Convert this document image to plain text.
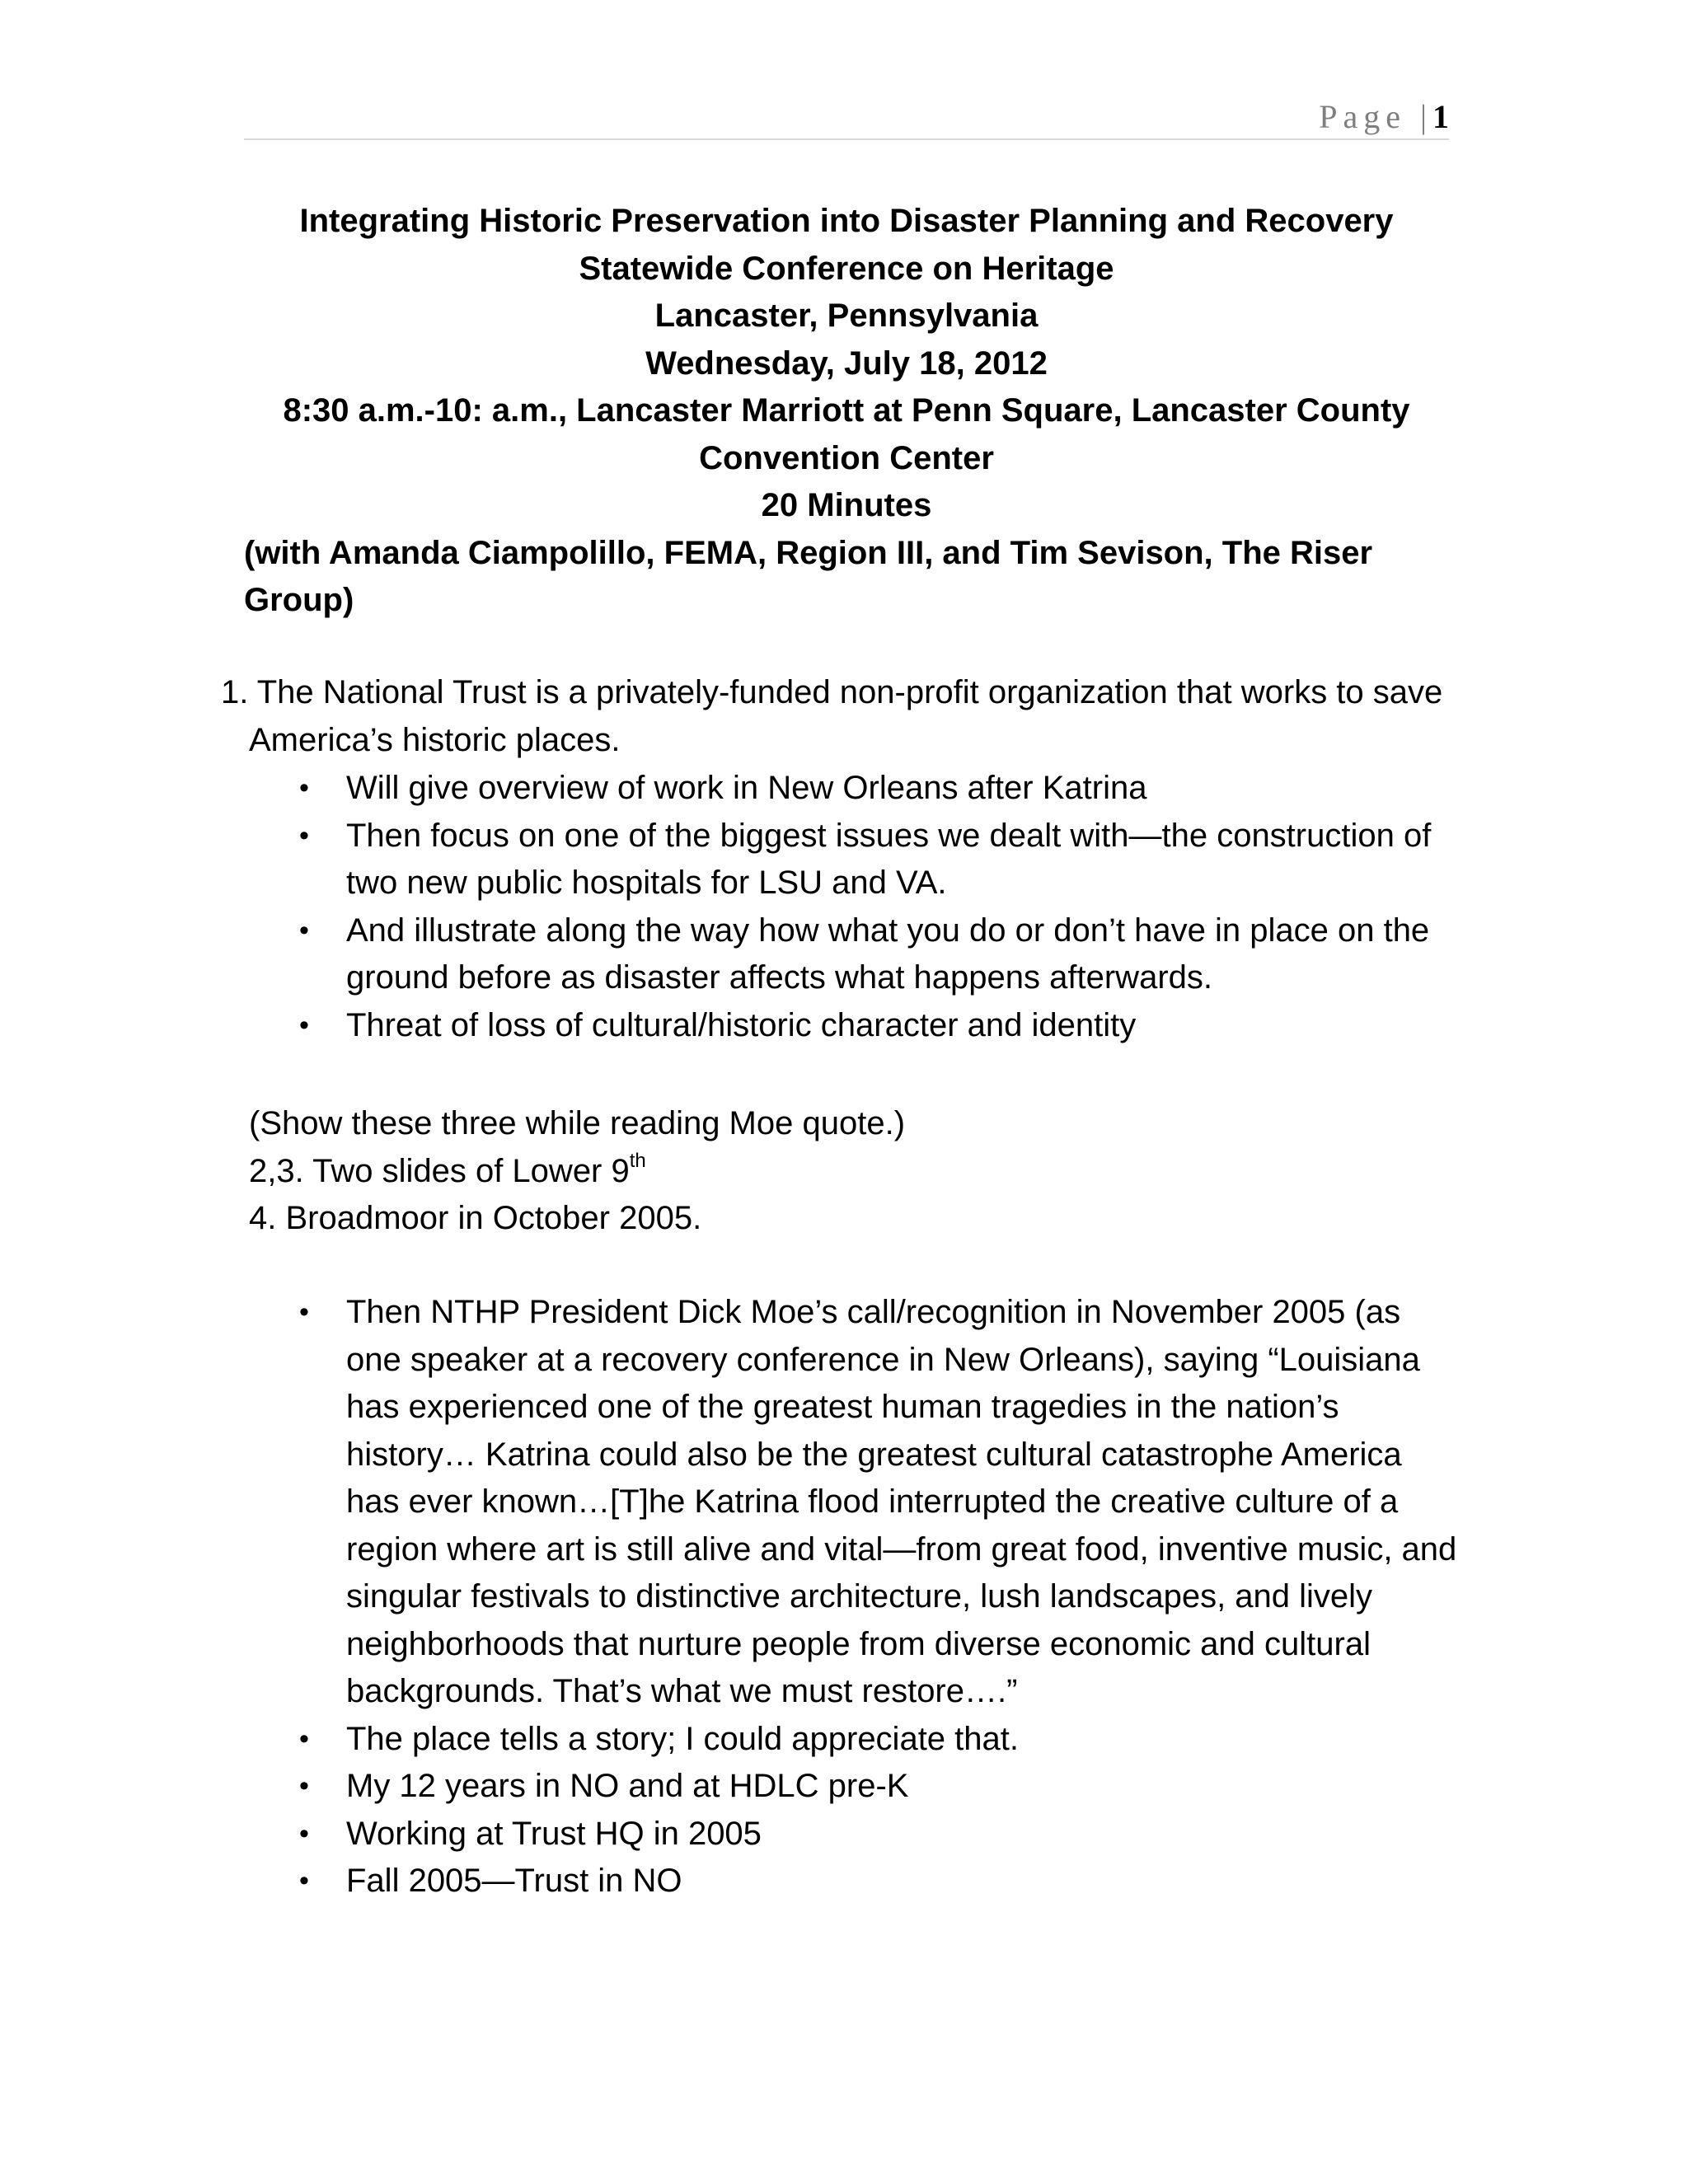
Page |1
Integrating Historic Preservation into Disaster Planning and Recovery
Statewide Conference on Heritage
Lancaster, Pennsylvania
Wednesday, July 18, 2012
8:30 a.m.-10: a.m., Lancaster Marriott at Penn Square, Lancaster County
Convention Center
20 Minutes
(with Amanda Ciampolillo, FEMA, Region III, and Tim Sevison, The Riser
Group)
1. The National Trust is a privately-funded non-profit organization that works to save America’s historic places.
• Will give overview of work in New Orleans after Katrina
• Then focus on one of the biggest issues we dealt with—the construction of two new public hospitals for LSU and VA.
• And illustrate along the way how what you do or don’t have in place on the ground before as disaster affects what happens afterwards.
• Threat of loss of cultural/historic character and identity
(Show these three while reading Moe quote.)
2,3. Two slides of Lower 9th
4. Broadmoor in October 2005.
• Then NTHP President Dick Moe’s call/recognition in November 2005 (as one speaker at a recovery conference in New Orleans), saying “Louisiana has experienced one of the greatest human tragedies in the nation’s history… Katrina could also be the greatest cultural catastrophe America has ever known…[T]he Katrina flood interrupted the creative culture of a region where art is still alive and vital—from great food, inventive music, and singular festivals to distinctive architecture, lush landscapes, and lively neighborhoods that nurture people from diverse economic and cultural backgrounds. That’s what we must restore….”
• The place tells a story; I could appreciate that.
• My 12 years in NO and at HDLC pre-K
• Working at Trust HQ in 2005
• Fall 2005—Trust in NO
